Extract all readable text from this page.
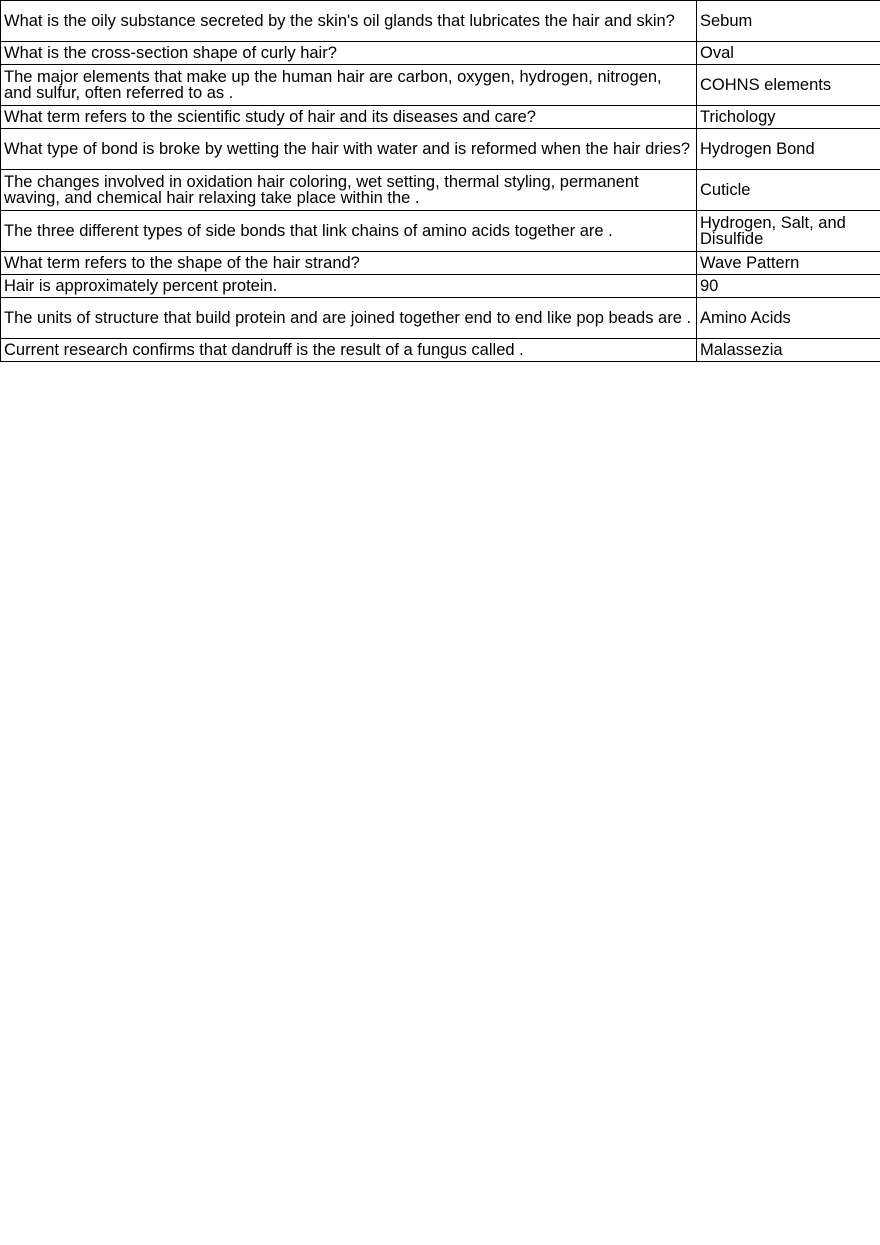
What is the oily substance secreted by the skin's oil glands that lubricates the hair and skin?	Sebum
What is the cross-section shape of curly hair?	Oval
The major elements that make up the human hair are carbon, oxygen, hydrogen, nitrogen, and sulfur, often referred to as .	COHNS elements
What term refers to the scientific study of hair and its diseases and care?	Trichology
What type of bond is broke by wetting the hair with water and is reformed when the hair dries?	Hydrogen Bond
The changes involved in oxidation hair coloring, wet setting, thermal styling, permanent waving, and chemical hair relaxing take place within the .	Cuticle
The three different types of side bonds that link chains of amino acids together are .	Hydrogen, Salt, and Disulfide
What term refers to the shape of the hair strand?	Wave Pattern
Hair is approximately percent protein.	90
The units of structure that build protein and are joined together end to end like pop beads are .	Amino Acids
Current research confirms that dandruff is the result of a fungus called .	Malassezia
